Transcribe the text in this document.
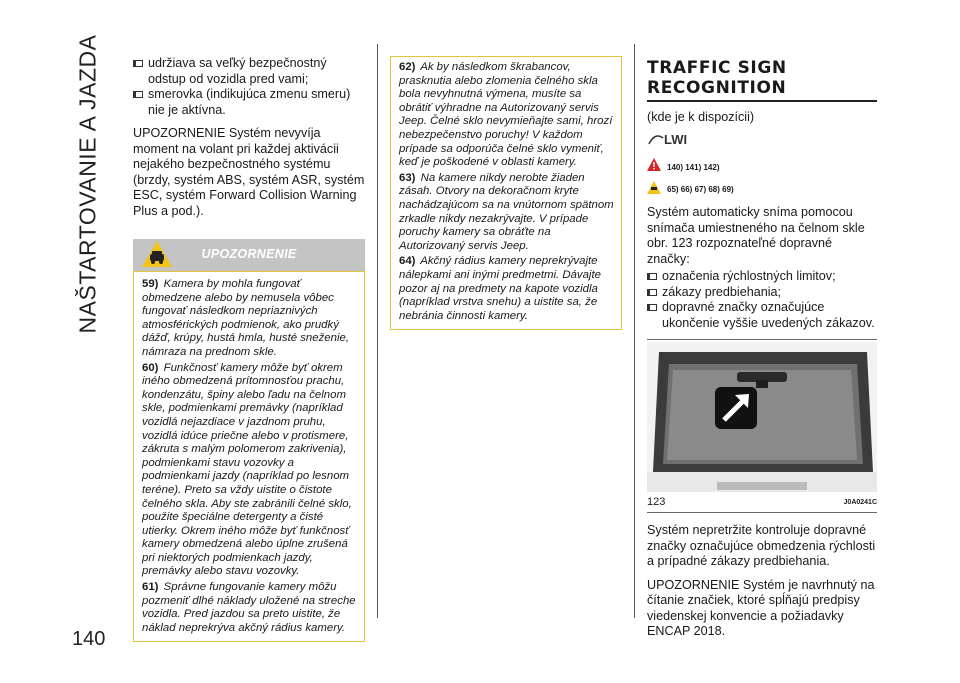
NAŠTARTOVANIE A JAZDA
140
udržiava sa veľký bezpečnostný odstup od vozidla pred vami;
smerovka (indikujúca zmenu smeru) nie je aktívna.

UPOZORNENIE Systém nevyvíja moment na volant pri každej aktivácii nejakého bezpečnostného systému (brzdy, systém ABS, systém ASR, systém ESC, systém Forward Collision Warning Plus a pod.).

UPOZORNENIE

59) Kamera by mohla fungovať obmedzene alebo by nemusela vôbec fungovať následkom nepriaznivých atmosférických podmienok, ako prudký dážď, krúpy, hustá hmla, husté sneženie, námraza na prednom skle.

60) Funkčnosť kamery môže byť okrem iného obmedzená prítomnosťou prachu, kondenzátu, špiny alebo ľadu na čelnom skle, podmienkami premávky (napríklad vozidlá nejazdiace v jazdnom pruhu, vozidlá idúce priečne alebo v protismere, zákruta s malým polomerom zakrivenia), podmienkami stavu vozovky a podmienkami jazdy (napríklad po lesnom teréne). Preto sa vždy uistite o čistote čelného skla. Aby ste zabránili čelné sklo, použite špeciálne detergenty a čisté utierky. Okrem iného môže byť funkčnosť kamery obmedzená alebo úplne zrušená pri niektorých podmienkach jazdy, premávky alebo stavu vozovky.

61) Správne fungovanie kamery môžu pozmeniť dlhé náklady uložené na streche vozidla. Pred jazdou sa preto uistite, že náklad neprekrýva akčný rádius kamery.

62) Ak by následkom škrabancov, prasknutia alebo zlomenia čelného skla bola nevyhnutná výmena, musíte sa obrátiť výhradne na Autorizovaný servis Jeep. Čelné sklo nevymieňajte sami, hrozí nebezpečenstvo poruchy! V každom prípade sa odporúča čelné sklo vymeniť, keď je poškodené v oblasti kamery.

63) Na kamere nikdy nerobte žiaden zásah. Otvory na dekoračnom kryte nachádzajúcom sa na vnútornom spätnom zrkadle nikdy nezakrývajte. V prípade poruchy kamery sa obráťte na Autorizovaný servis Jeep.

64) Akčný rádius kamery neprekrývajte nálepkami ani inými predmetmi. Dávajte pozor aj na predmety na kapote vozidla (napríklad vrstva snehu) a uistite sa, že nebránia činnosti kamery.

TRAFFIC SIGN
RECOGNITION

(kde je k dispozícii)

LWI
140) 141) 142)
65) 66) 67) 68) 69)

Systém automaticky sníma pomocou snímača umiestneného na čelnom skle obr. 123 rozpoznateľné dopravné značky:

označenia rýchlostných limitov;
zákazy predbiehania;
dopravné značky označujúce ukončenie vyššie uvedených zákazov.
123	J0A0241C

Systém nepretržite kontroluje dopravné značky označujúce obmedzenia rýchlosti a prípadné zákazy predbiehania.

UPOZORNENIE Systém je navrhnutý na čítanie značiek, ktoré spĺňajú predpisy viedenskej konvencie a požiadavky ENCAP 2018.
